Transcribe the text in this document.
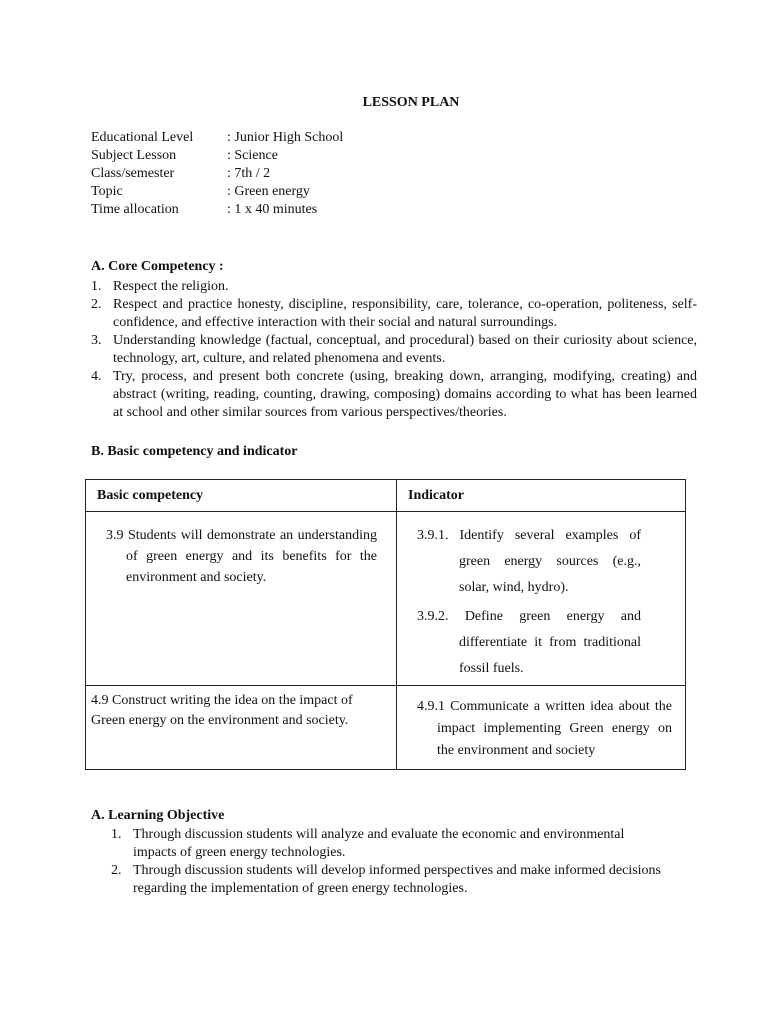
LESSON PLAN
Educational Level	: Junior High School
Subject Lesson	: Science
Class/semester	: 7th / 2
Topic	: Green energy
Time allocation	: 1 x 40 minutes
A. Core Competency :
1. Respect the religion.
2. Respect and practice honesty, discipline, responsibility, care, tolerance, co-operation, politeness, self-confidence, and effective interaction with their social and natural surroundings.
3. Understanding knowledge (factual, conceptual, and procedural) based on their curiosity about science, technology, art, culture, and related phenomena and events.
4. Try, process, and present both concrete (using, breaking down, arranging, modifying, creating) and abstract (writing, reading, counting, drawing, composing) domains according to what has been learned at school and other similar sources from various perspectives/theories.
B. Basic competency and indicator
Basic competency	Indicator

3.9 Students will demonstrate an understanding of green energy and its benefits for the environment and society.	3.9.1. Identify several examples of green energy sources (e.g., solar, wind, hydro).
3.9.2. Define green energy and differentiate it from traditional fossil fuels.

4.9 Construct writing the idea on the impact of Green energy on the environment and society.	4.9.1 Communicate a written idea about the impact implementing Green energy on the environment and society
A. Learning Objective
1. Through discussion students will analyze and evaluate the economic and environmental impacts of green energy technologies.
2. Through discussion students will develop informed perspectives and make informed decisions regarding the implementation of green energy technologies.
